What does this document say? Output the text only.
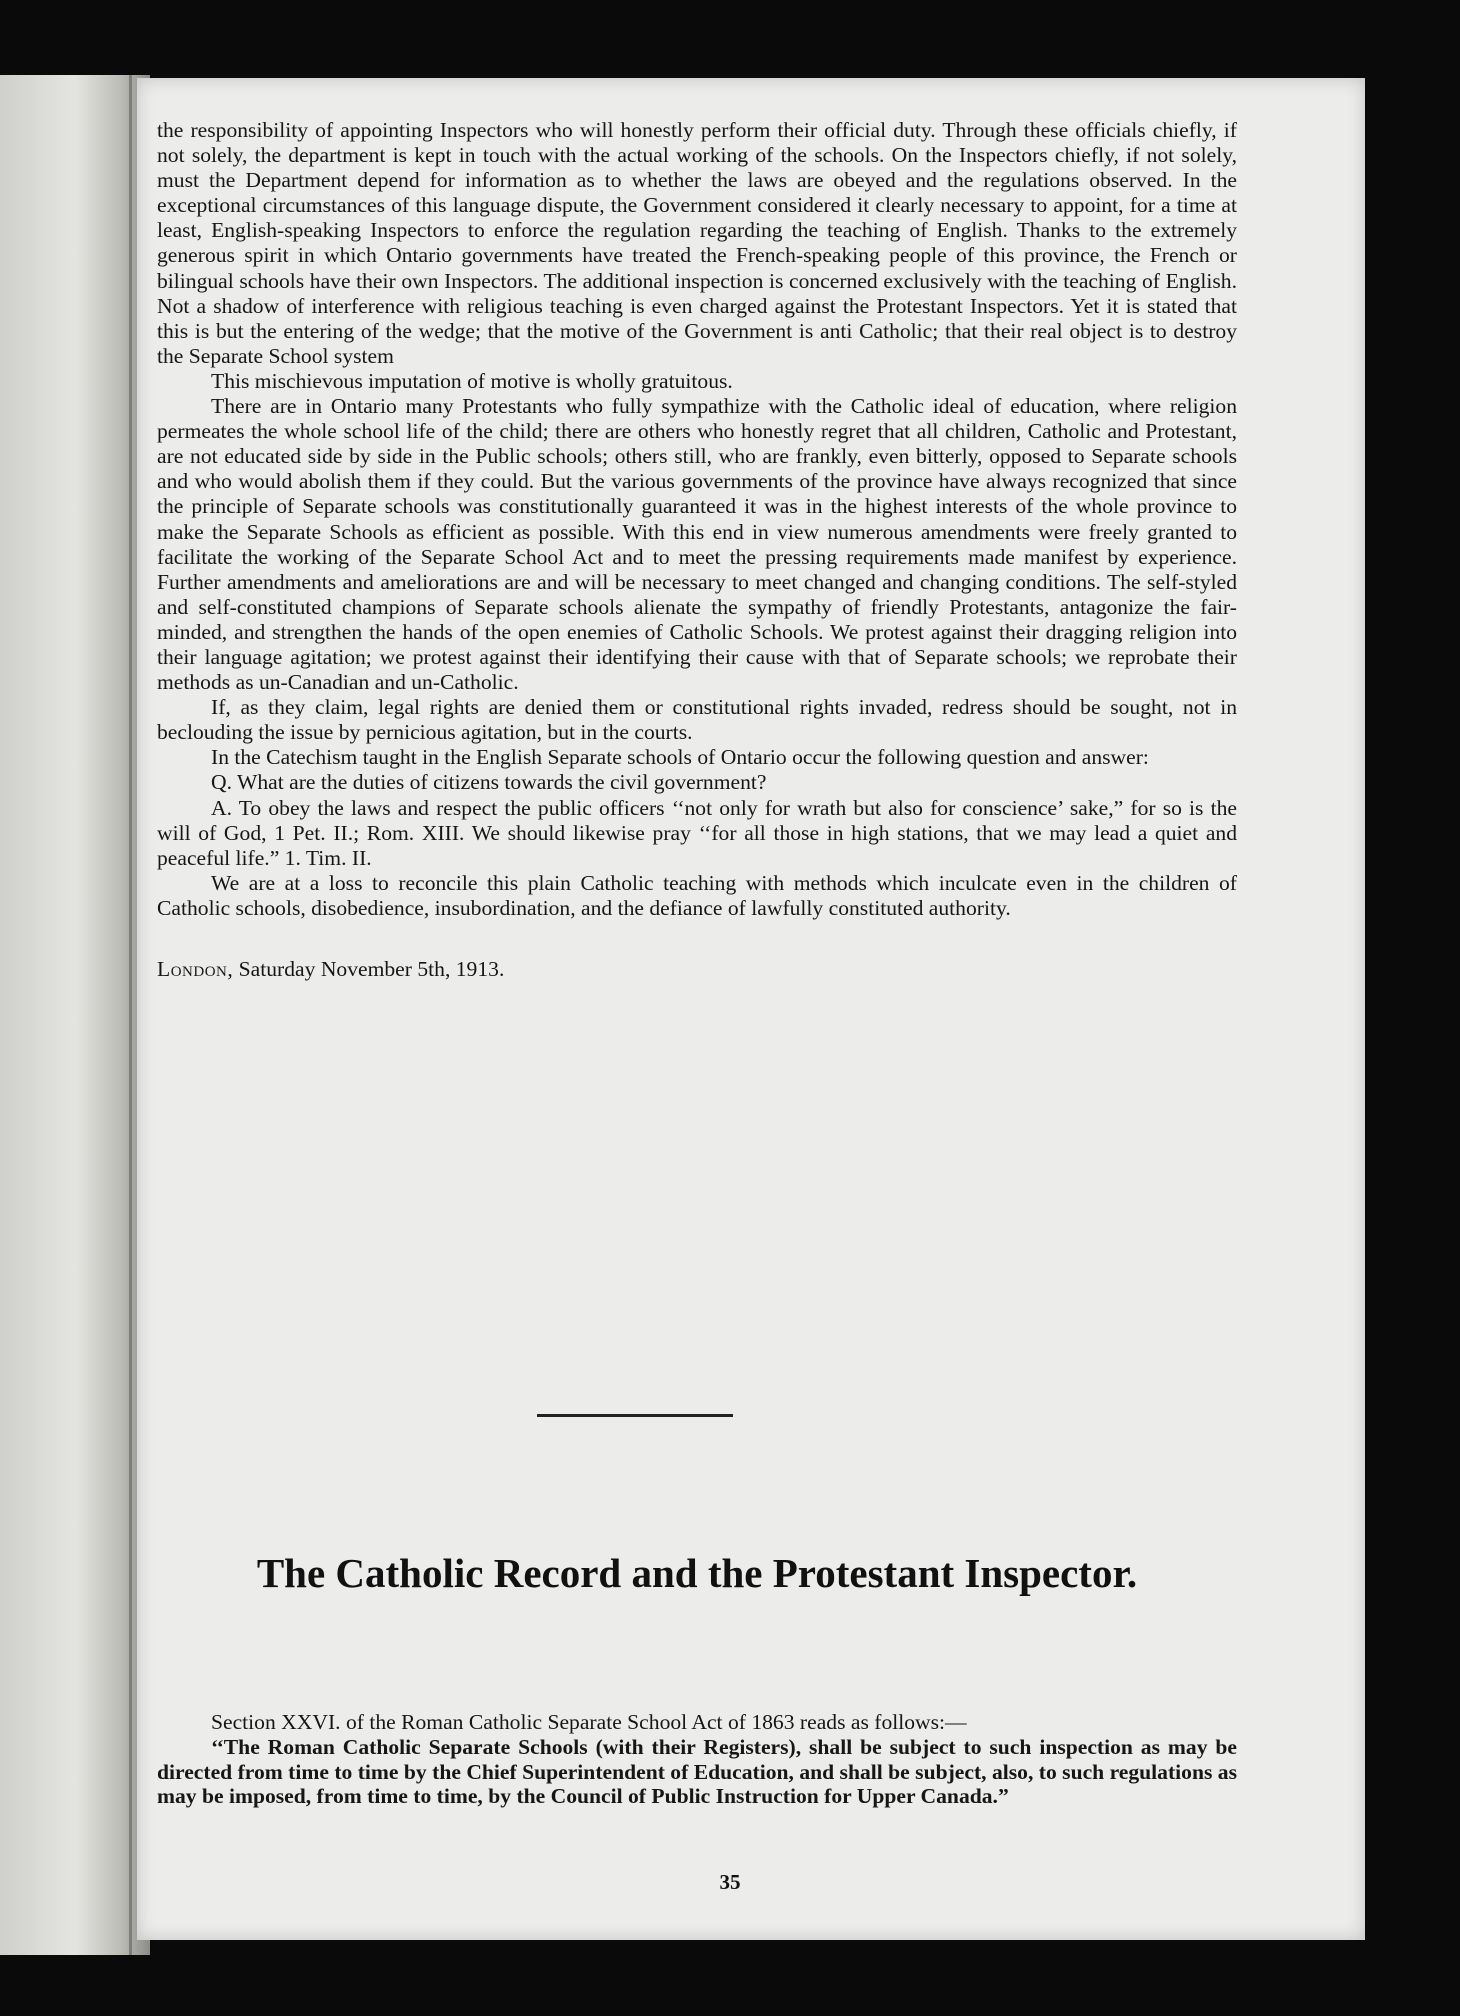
the responsibility of appointing Inspectors who will honestly perform their official duty. Through these officials chiefly, if not solely, the department is kept in touch with the actual working of the schools. On the Inspectors chiefly, if not solely, must the Department depend for information as to whether the laws are obeyed and the regulations observed. In the exceptional circumstances of this language dispute, the Government considered it clearly necessary to appoint, for a time at least, English-speaking Inspectors to enforce the regulation regarding the teaching of English. Thanks to the extremely generous spirit in which Ontario governments have treated the French-speaking people of this province, the French or bilingual schools have their own Inspectors. The additional inspection is concerned exclusively with the teaching of English. Not a shadow of interference with religious teaching is even charged against the Protestant Inspectors. Yet it is stated that this is but the entering of the wedge; that the motive of the Government is anti Catholic; that their real object is to destroy the Separate School system

This mischievous imputation of motive is wholly gratuitous.

There are in Ontario many Protestants who fully sympathize with the Catholic ideal of education, where religion permeates the whole school life of the child; there are others who honestly regret that all children, Catholic and Protestant, are not educated side by side in the Public schools; others still, who are frankly, even bitterly, opposed to Separate schools and who would abolish them if they could. But the various governments of the province have always recognized that since the principle of Separate schools was constitutionally guaranteed it was in the highest interests of the whole province to make the Separate Schools as efficient as possible. With this end in view numerous amendments were freely granted to facilitate the working of the Separate School Act and to meet the pressing requirements made manifest by experience. Further amendments and ameliorations are and will be necessary to meet changed and changing conditions. The self-styled and self-constituted champions of Separate schools alienate the sympathy of friendly Protestants, antagonize the fair-minded, and strengthen the hands of the open enemies of Catholic Schools. We protest against their dragging religion into their language agitation; we protest against their identifying their cause with that of Separate schools; we reprobate their methods as un-Canadian and un-Catholic.

If, as they claim, legal rights are denied them or constitutional rights invaded, redress should be sought, not in beclouding the issue by pernicious agitation, but in the courts.

In the Catechism taught in the English Separate schools of Ontario occur the following question and answer:

Q. What are the duties of citizens towards the civil government?

A. To obey the laws and respect the public officers ‘‘not only for wrath but also for conscience’ sake,” for so is the will of God, 1 Pet. II.; Rom. XIII. We should likewise pray ‘‘for all those in high stations, that we may lead a quiet and peaceful life.” 1. Tim. II.

We are at a loss to reconcile this plain Catholic teaching with methods which inculcate even in the children of Catholic schools, disobedience, insubordination, and the defiance of lawfully constituted authority.

London, Saturday November 5th, 1913.

The Catholic Record and the Protestant Inspector.

Section XXVI. of the Roman Catholic Separate School Act of 1863 reads as follows:—

‘‘The Roman Catholic Separate Schools (with their Registers), shall be subject to such inspection as may be directed from time to time by the Chief Superintendent of Education, and shall be subject, also, to such regulations as may be imposed, from time to time, by the Council of Public Instruction for Upper Canada.”

35
